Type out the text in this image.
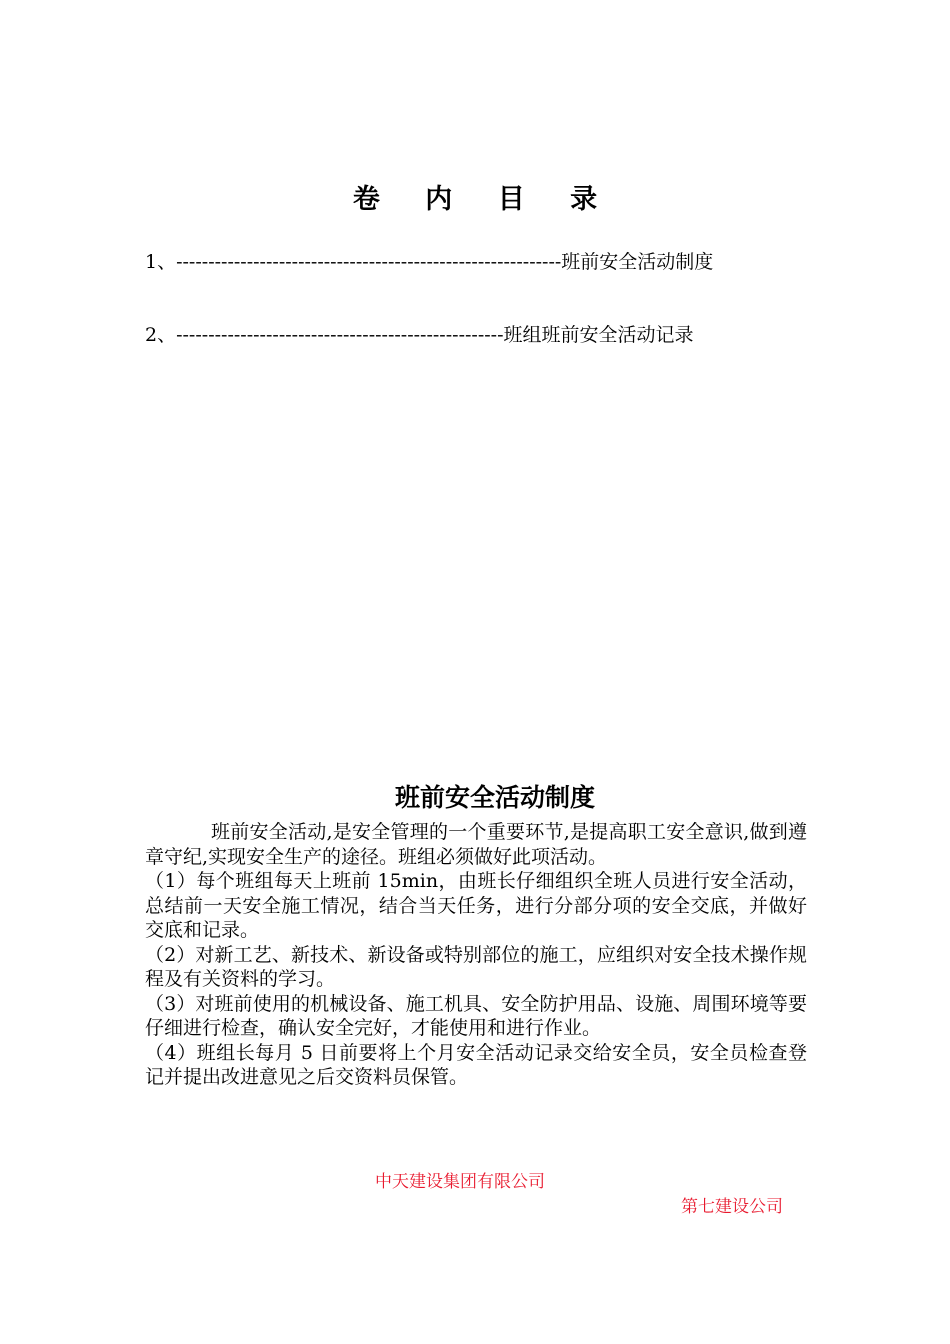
卷 内 目 录
1、------------------------------------------------------------班前安全活动制度
2、---------------------------------------------------班组班前安全活动记录
班前安全活动制度

班前安全活动,是安全管理的一个重要环节,是提高职工安全意识,做到遵章守纪,实现安全生产的途径。班组必须做好此项活动。

（1）每个班组每天上班前 15min，由班长仔细组织全班人员进行安全活动，总结前一天安全施工情况，结合当天任务，进行分部分项的安全交底，并做好交底和记录。

（2）对新工艺、新技术、新设备或特别部位的施工，应组织对安全技术操作规程及有关资料的学习。

（3）对班前使用的机械设备、施工机具、安全防护用品、设施、周围环境等要仔细进行检查，确认安全完好，才能使用和进行作业。

（4）班组长每月 5 日前要将上个月安全活动记录交给安全员，安全员检查登记并提出改进意见之后交资料员保管。

中天建设集团有限公司
第七建设公司
